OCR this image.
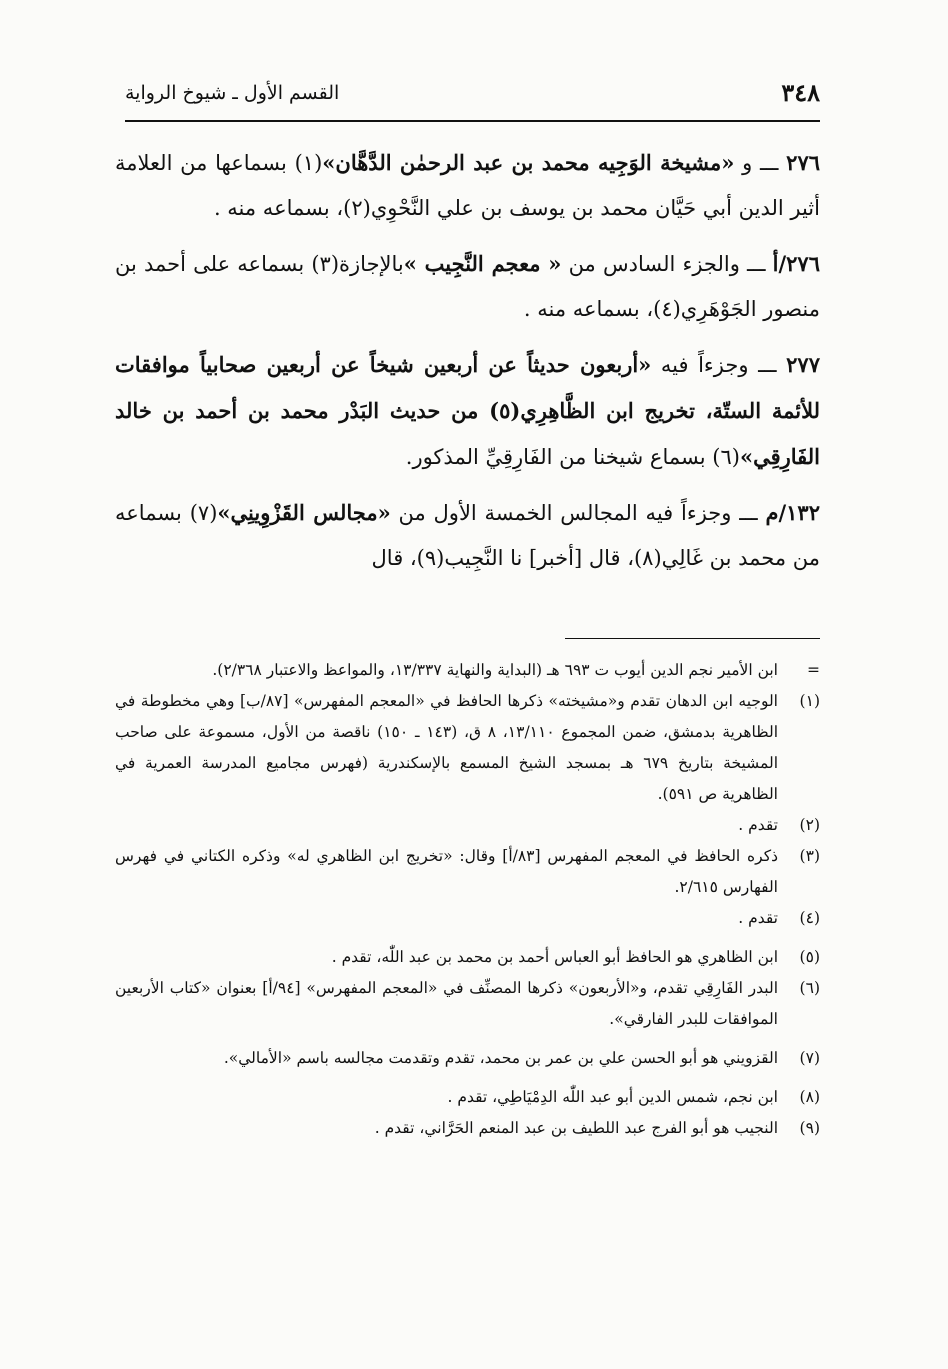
٣٤٨
القسم الأول ـ شيوخ الرواية

٢٧٦ ـــ و «مشيخة الوَجِيه محمد بن عبد الرحمٰن الدَّهَّان»(١) بسماعها من العلامة أثير الدين أبي حَيَّان محمد بن يوسف بن علي النَّحْوِي(٢)، بسماعه منه .

٢٧٦/أ ـــ والجزء السادس من « معجم النَّجِيب »بالإجازة(٣) بسماعه على أحمد بن منصور الجَوْهَرِي(٤)، بسماعه منه .

٢٧٧ ـــ وجزءاً فيه «أربعون حديثاً عن أربعين شيخاً عن أربعين صحابياً موافقات للأئمة الستّة، تخريج ابن الظَّاهِرِي(٥) من حديث البَدْر محمد بن أحمد بن خالد الفَارِقِي»(٦) بسماع شيخنا من الفَارِقِيِّ المذكور.

١٣٢/م ـــ وجزءاً فيه المجالس الخمسة الأول من «مجالس القَزْوِينِي»(٧) بسماعه من محمد بن غَالِي(٨)، قال [أخبر] نا النَّجِيب(٩)، قال

=
ابن الأمير نجم الدين أيوب ت ٦٩٣ هـ (البداية والنهاية ١٣/٣٣٧، والمواعظ والاعتبار ٢/٣٦٨).
(١)
الوجيه ابن الدهان تقدم و«مشيخته» ذكرها الحافظ في «المعجم المفهرس» [٨٧/ب] وهي مخطوطة في الظاهرية بدمشق، ضمن المجموع ١٣/١١٠، ٨ ق، (١٤٣ ـ ١٥٠) ناقصة من الأول، مسموعة على صاحب المشيخة بتاريخ ٦٧٩ هـ بمسجد الشيخ المسمع بالإسكندرية (فهرس مجاميع المدرسة العمرية في الظاهرية ص ٥٩١).
(٢)
تقدم .
(٣)
ذكره الحافظ في المعجم المفهرس [٨٣/أ] وقال: «تخريج ابن الظاهري له» وذكره الكتاني في فهرس الفهارس ٢/٦١٥.
(٤)
تقدم .
(٥)
ابن الظاهري هو الحافظ أبو العباس أحمد بن محمد بن عبد اللّٰه، تقدم .
(٦)
البدر الفَارِقِي تقدم، و«الأربعون» ذكرها المصنِّف في «المعجم المفهرس» [٩٤/أ] بعنوان «كتاب الأربعين الموافقات للبدر الفارقي».
(٧)
القزويني هو أبو الحسن علي بن عمر بن محمد، تقدم وتقدمت مجالسه باسم «الأمالي».
(٨)
ابن نجم، شمس الدين أبو عبد اللّٰه الدِمْيَاطِي، تقدم .
(٩)
النجيب هو أبو الفرج عبد اللطيف بن عبد المنعم الحَرَّاني، تقدم .
